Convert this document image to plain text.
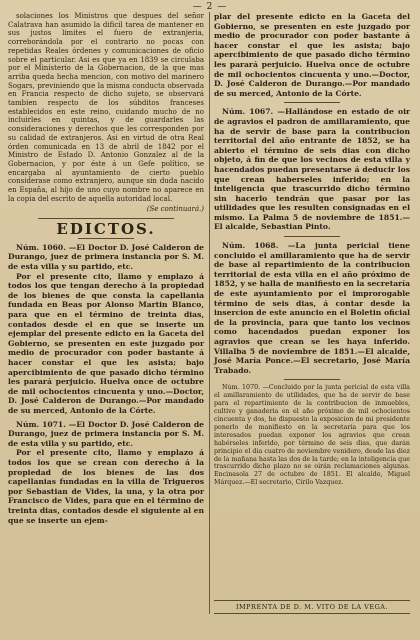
— 2 —

solaciones los Ministros que despues del señor Calatrava han asumido la dificil tarea de mantener en sus justos limites el fuero de extranjeria, correborándola por el contrario no pocas con repetidas Reales órdenes y comunicaciones de oficio sobre el particular. Asi es que ya en 1839 se circulaba por el Ministerio de la Gobernacion, de la que mas arriba queda hecha mencion, con motivo del marinero Sogars, previniendo que la misma conducta observada en Francia respecto de dicho sujeto, se observará tambien respecto de los súbditos franceses establecidos en este reino, cuidando mucho de no incluirles en quintas, y de guardarles las consideraciones y derechos que les corresponden por su calidad de extranjeros. Asi en virtud de otra Real órden comunicada en 13 de abril de 1842 por el Ministro de Estado D. Antonio Gonzalez al de la Gobernacion, y por éste á un Gefe político, se encargaba al ayuntamiento de cierto pueblo considerase como extranjero, aunque sin duda nacido en España, al hijo de uno cuyo nombre no aparece en la copia del escrito de aquella autoridad local.

(Se continuará.)

EDICTOS.

Núm. 1060. —El Doctor D. José Calderon de Durango, juez de primera instancia por S. M. de esta villa y su partido, etc.

Por el presente cito, llamo y emplazo á todos los que tengan derecho á la propiedad de los bienes de que consta la capellania fundada en Beas por Alonso Martin Blanco, para que en el término de treinta dias, contados desde el en que se inserte un ejemplar del presente edicto en la Gaceta del Gobierno, se presenten en este juzgado por medio de procurador con poder bastante á hacer constar el que les asista; bajo apercibimiento de que pasado dicho término les parará perjuicio. Huelva once de octubre de mil ochocientos cincuenta y uno.—Doctor, D. José Calderon de Durango.—Por mandado de su merced, Antonio de la Córte.

Núm. 1071. —El Doctor D. José Calderon de Durango, juez de primera instancia por S. M. de esta villa y su partido, etc.

Por el presente cito, llamo y emplazo á todos los que se crean con derecho á la propiedad de los bienes de las dos capellanias fundadas en la villa de Trigueros por Sebastian de Vides, la una, y la otra por Francisco de Vides, para que en el término de treinta dias, contados desde el siguiente al en que se inserte un ejem-

plar del presente edicto en la Gaceta del Gobierno, se presenten en este juzgado por medio de procurador con poder bastante á hacer constar el que les asista; bajo apercibimiento de que pasado dicho término les parará perjuicio. Huelva once de octubre de mil ochocientos cincuenta y uno.—Doctor, D. José Calderon de Durango.—Por mandado de su merced, Antonio de la Córte.

Núm. 1067. —Hallándose en estado de oir de agravios el padron de amillaramiento, que ha de servir de base para la contribucion territorial del año entrante de 1852, se ha abierto el término de seis dias con dicho objeto, á fin de que los vecinos de esta villa y hacendados puedan presentarse á deducir los que crean haberseles inferido; en la inteligencia que trascurrido dicho término sin hacerlo tendrán que pasar por las utilidades que les resulten consignadas en el mismo. La Palma 5 de noviembre de 1851.—El alcalde, Sebastian Pinto.

Núm. 1068. —La junta pericial tiene concluido el amillaramiento que ha de servir de base al repartimiento de la contribucion territorial de esta villa en el año próximo de 1852, y se halla de manifiesto en la secretaría de este ayuntamiento por el improrogable término de seis dias, á contar desde la insercion de este anuncio en el Boletin oficial de la provincia, para que tanto los vecinos como hacendados puedan exponer los agravios que crean se les haya inferido. Villalba 5 de noviembre de 1851.—El alcalde, José María Ponce.—El secretario, José María Trabado.

Núm. 1070. —Concluido por la junta pericial de esta villa el amillaramiento de utilidades, que ha de servir de base para el repartimiento de la contribucion de inmuebles, cultivo y ganaderia en el año próximo de mil ochocientos cincuenta y dos, he dispuesto la exposicion de mi presidente ponerlo de manifiesto en la secretaría para que los interesados puedan exponer los agravios que crean habérseles inferido, por término de seis dias, que darán principio el dia cuatro de noviembre venidero, desde las diez de la mañana hasta las dos de la tarde; en la inteligencia que trascurrido dicho plazo no se oirán reclamaciones algunas. Encinasola 27 de octubre de 1851. El alcalde, Miguel Márquez.—El secretario, Cirilo Vazquez.

IMPRENTA DE D. M. VITO DE LA VEGA.
